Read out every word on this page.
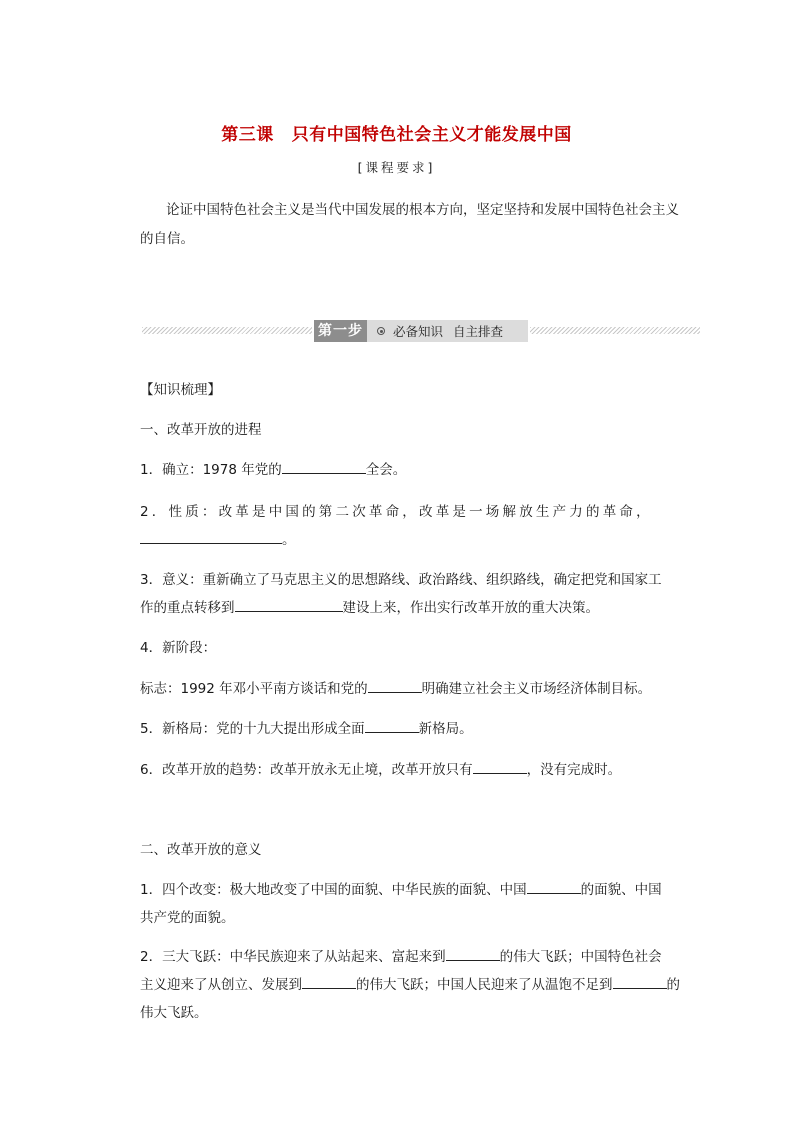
第三课 只有中国特色社会主义才能发展中国
[课程要求]
论证中国特色社会主义是当代中国发展的根本方向，坚定坚持和发展中国特色社会主义
的自信。
第一步	必备知识 自主排查
【知识梳理】
一、改革开放的进程
1．确立：1978 年党的	全会。
2．性质：改革是中国的第二次革命，改革是一场解放生产力的革命，
。
3．意义：重新确立了马克思主义的思想路线、政治路线、组织路线，确定把党和国家工
作的重点转移到	建设上来，作出实行改革开放的重大决策。
4．新阶段：
标志：1992 年邓小平南方谈话和党的	明确建立社会主义市场经济体制目标。
5．新格局：党的十九大提出形成全面	新格局。
6．改革开放的趋势：改革开放永无止境，改革开放只有	，没有完成时。
二、改革开放的意义
1．四个改变：极大地改变了中国的面貌、中华民族的面貌、中国	的面貌、中国
共产党的面貌。
2．三大飞跃：中华民族迎来了从站起来、富起来到	的伟大飞跃；中国特色社会
主义迎来了从创立、发展到	的伟大飞跃；中国人民迎来了从温饱不足到	的
伟大飞跃。
